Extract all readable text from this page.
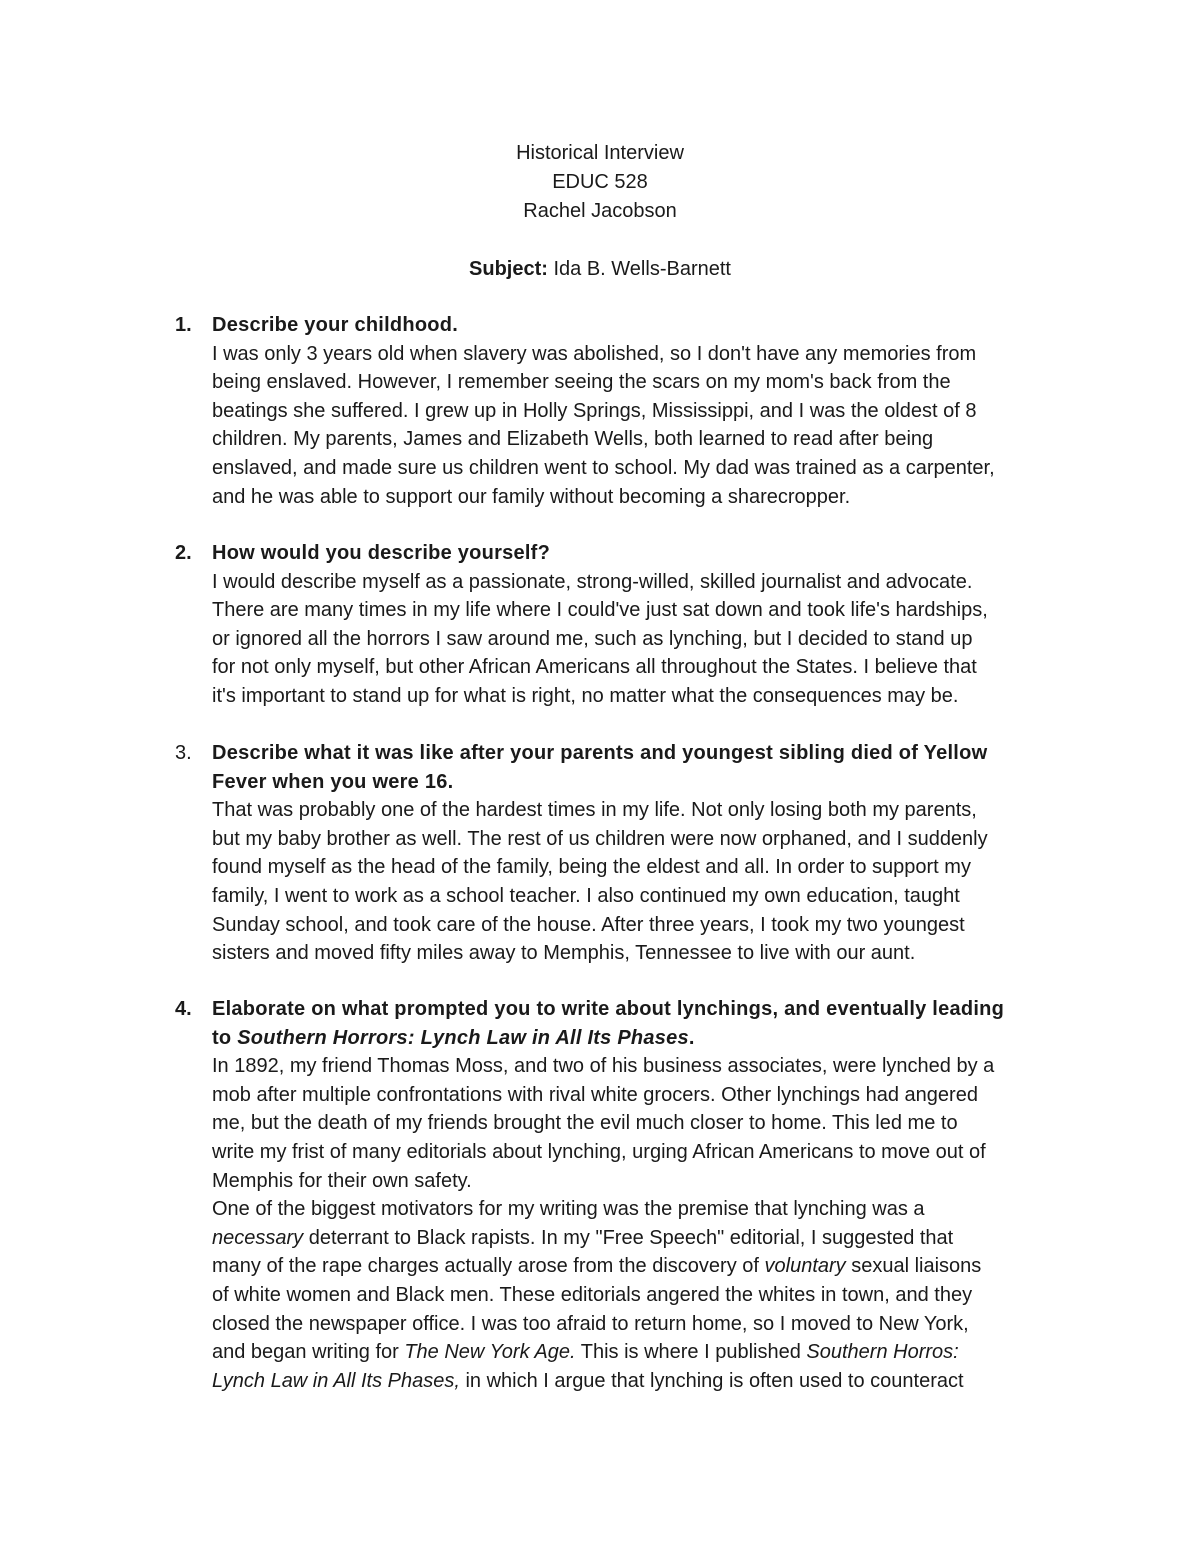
Historical Interview
EDUC 528
Rachel Jacobson
Subject: Ida B. Wells-Barnett
1. Describe your childhood.
I was only 3 years old when slavery was abolished, so I don't have any memories from
being enslaved. However, I remember seeing the scars on my mom's back from the
beatings she suffered. I grew up in Holly Springs, Mississippi, and I was the oldest of 8
children. My parents, James and Elizabeth Wells, both learned to read after being
enslaved, and made sure us children went to school. My dad was trained as a carpenter,
and he was able to support our family without becoming a sharecropper.
2. How would you describe yourself?
I would describe myself as a passionate, strong-willed, skilled journalist and advocate.
There are many times in my life where I could've just sat down and took life's hardships,
or ignored all the horrors I saw around me, such as lynching, but I decided to stand up
for not only myself, but other African Americans all throughout the States. I believe that
it's important to stand up for what is right, no matter what the consequences may be.
3. Describe what it was like after your parents and youngest sibling died of Yellow
Fever when you were 16.
That was probably one of the hardest times in my life. Not only losing both my parents,
but my baby brother as well. The rest of us children were now orphaned, and I suddenly
found myself as the head of the family, being the eldest and all. In order to support my
family, I went to work as a school teacher. I also continued my own education, taught
Sunday school, and took care of the house. After three years, I took my two youngest
sisters and moved fifty miles away to Memphis, Tennessee to live with our aunt.
4. Elaborate on what prompted you to write about lynchings, and eventually leading
to Southern Horrors: Lynch Law in All Its Phases.
In 1892, my friend Thomas Moss, and two of his business associates, were lynched by a
mob after multiple confrontations with rival white grocers. Other lynchings had angered
me, but the death of my friends brought the evil much closer to home. This led me to
write my frist of many editorials about lynching, urging African Americans to move out of
Memphis for their own safety.
One of the biggest motivators for my writing was the premise that lynching was a
necessary deterrant to Black rapists. In my "Free Speech" editorial, I suggested that
many of the rape charges actually arose from the discovery of voluntary sexual liaisons
of white women and Black men. These editorials angered the whites in town, and they
closed the newspaper office. I was too afraid to return home, so I moved to New York,
and began writing for The New York Age. This is where I published Southern Horros:
Lynch Law in All Its Phases, in which I argue that lynching is often used to counteract
